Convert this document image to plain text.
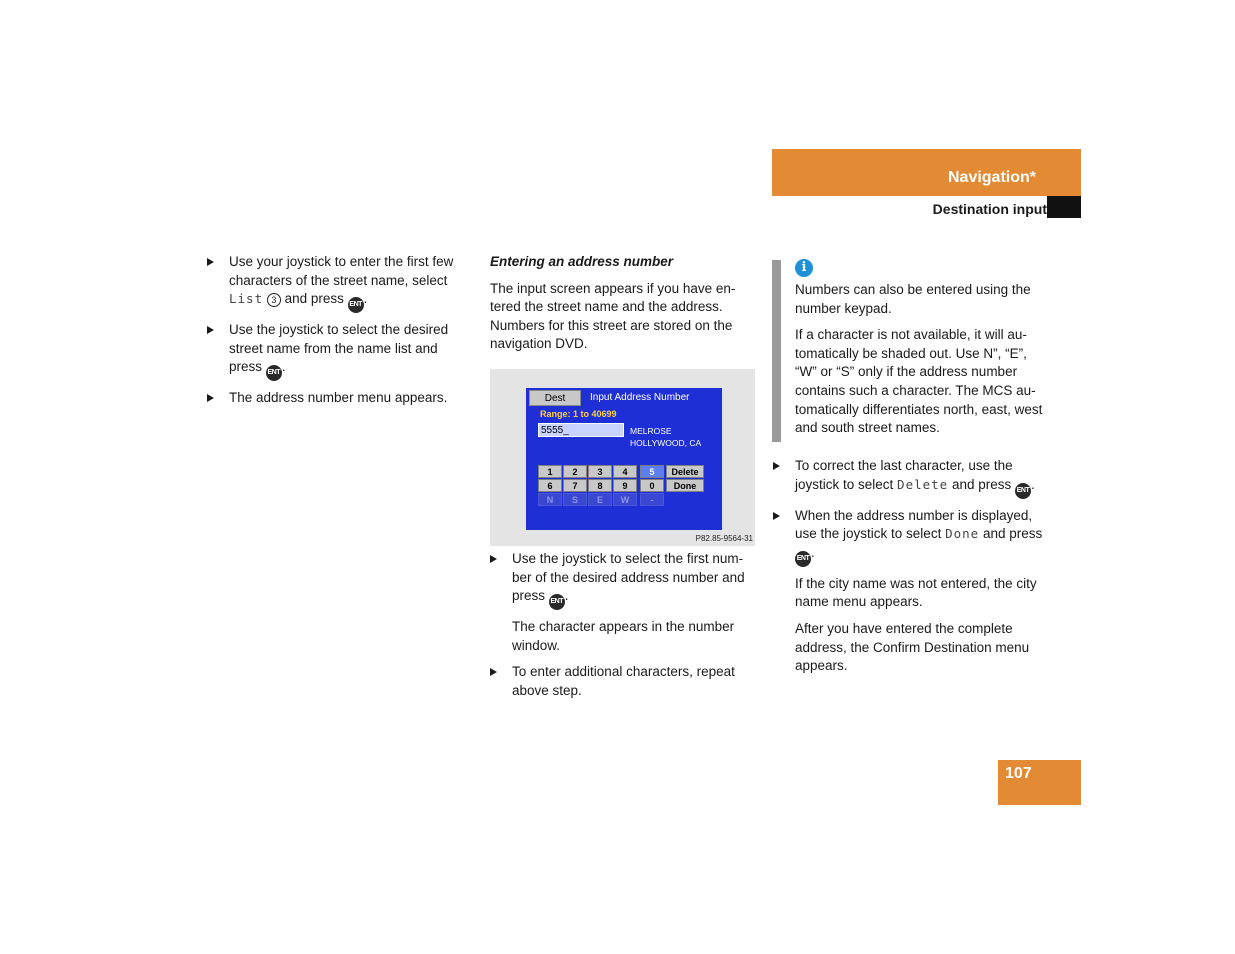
Navigation*
Destination input
Use your joystick to enter the first few characters of the street name, select List 3 and press ENT .
Use the joystick to select the desired street name from the name list and press ENT .
The address number menu appears.
Entering an address number

The input screen appears if you have en-tered the street name and the address. Numbers for this street are stored on the navigation DVD.

Dest	Input Address Number
Range: 1 to 40699
5555_	MELROSE
HOLLYWOOD, CA
1	2	3	4	5	Delete
6	7	8	9	0	Done
N	S	E	W	-
P82.85-9564-31
Use the joystick to select the first num-ber of the desired address number and press ENT .

The character appears in the number window.

To enter additional characters, repeat above step.
i

Numbers can also be entered using the number keypad.

If a character is not available, it will au-tomatically be shaded out. Use N”, “E”, “W” or “S” only if the address number contains such a character. The MCS au-tomatically differentiates north, east, west and south street names.

To correct the last character, use the joystick to select Delete and press ENT .
When the address number is displayed, use the joystick to select Done and press ENT .

If the city name was not entered, the city name menu appears.

After you have entered the complete address, the Confirm Destination menu appears.

107
